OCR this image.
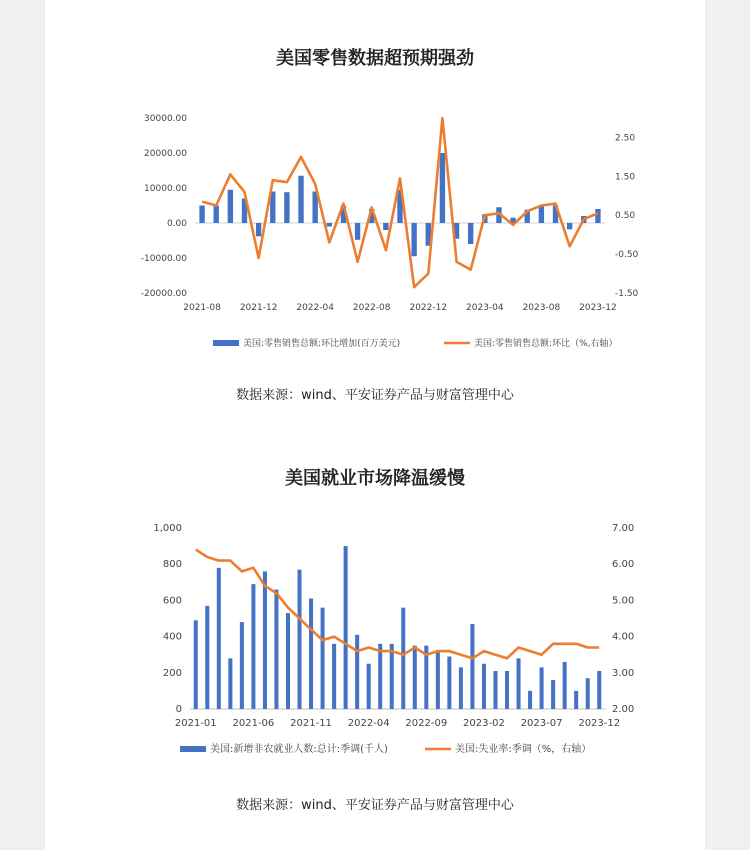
美国零售数据超预期强劲
-20000.00
-10000.00
0.00
10000.00
20000.00
30000.00
-1.50
-0.50
0.50
1.50
2.50
2021-08 2021-12 2022-04 2022-08 2022-12 2023-04 2023-08 2023-12
美国:零售销售总额:环比增加(百万美元)	美国:零售销售总额:环比（%,右轴）
数据来源：wind、平安证券产品与财富管理中心
美国就业市场降温缓慢
0
200
400
600
800
1,000
2.00
3.00
4.00
5.00
6.00
7.00
2021-01 2021-06 2021-11 2022-04 2022-09 2023-02 2023-07 2023-12
美国:新增非农就业人数:总计:季调(千人)	美国:失业率:季调（%，右轴）
数据来源：wind、平安证券产品与财富管理中心
